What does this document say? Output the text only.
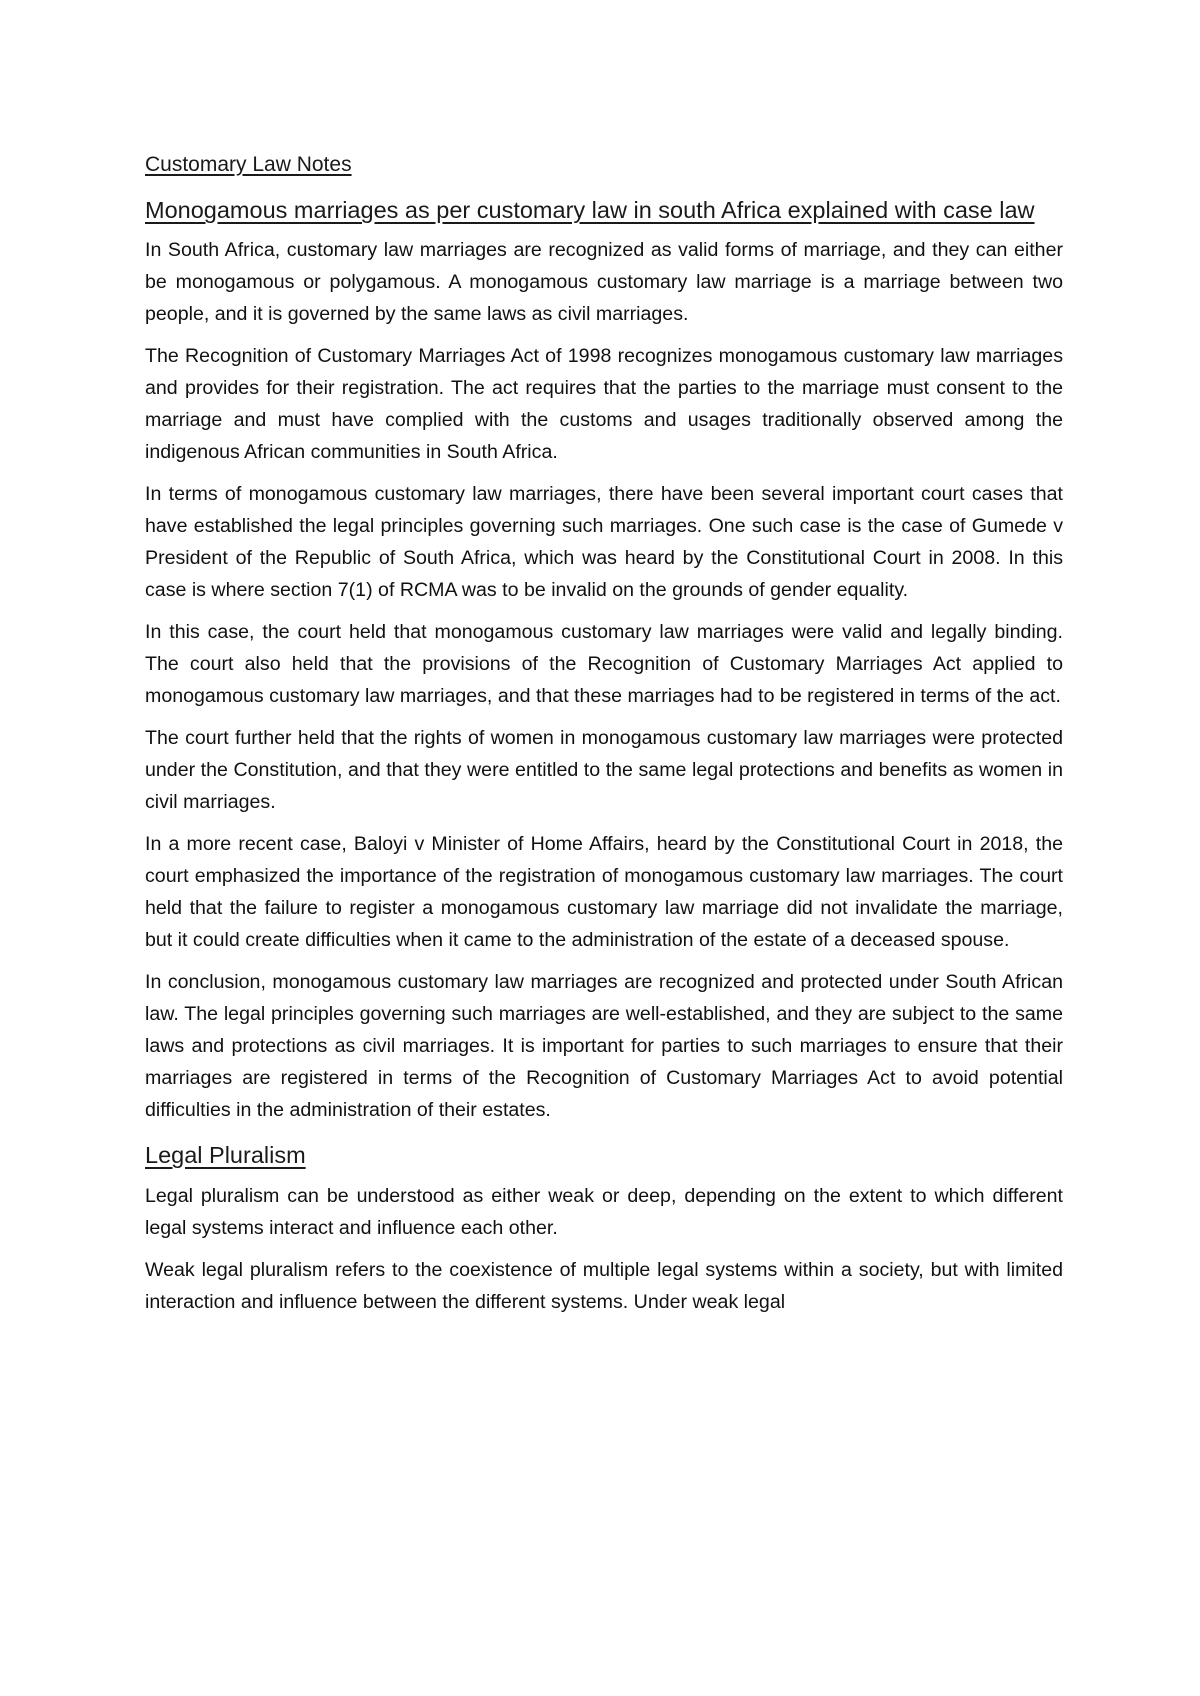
Customary Law Notes
Monogamous marriages as per customary law in south Africa explained with case law

In South Africa, customary law marriages are recognized as valid forms of marriage, and they can either be monogamous or polygamous. A monogamous customary law marriage is a marriage between two people, and it is governed by the same laws as civil marriages.

The Recognition of Customary Marriages Act of 1998 recognizes monogamous customary law marriages and provides for their registration. The act requires that the parties to the marriage must consent to the marriage and must have complied with the customs and usages traditionally observed among the indigenous African communities in South Africa.

In terms of monogamous customary law marriages, there have been several important court cases that have established the legal principles governing such marriages. One such case is the case of Gumede v President of the Republic of South Africa, which was heard by the Constitutional Court in 2008. In this case is where section 7(1) of RCMA was to be invalid on the grounds of gender equality.

In this case, the court held that monogamous customary law marriages were valid and legally binding. The court also held that the provisions of the Recognition of Customary Marriages Act applied to monogamous customary law marriages, and that these marriages had to be registered in terms of the act.

The court further held that the rights of women in monogamous customary law marriages were protected under the Constitution, and that they were entitled to the same legal protections and benefits as women in civil marriages.

In a more recent case, Baloyi v Minister of Home Affairs, heard by the Constitutional Court in 2018, the court emphasized the importance of the registration of monogamous customary law marriages. The court held that the failure to register a monogamous customary law marriage did not invalidate the marriage, but it could create difficulties when it came to the administration of the estate of a deceased spouse.

In conclusion, monogamous customary law marriages are recognized and protected under South African law. The legal principles governing such marriages are well-established, and they are subject to the same laws and protections as civil marriages. It is important for parties to such marriages to ensure that their marriages are registered in terms of the Recognition of Customary Marriages Act to avoid potential difficulties in the administration of their estates.

Legal Pluralism

Legal pluralism can be understood as either weak or deep, depending on the extent to which different legal systems interact and influence each other.

Weak legal pluralism refers to the coexistence of multiple legal systems within a society, but with limited interaction and influence between the different systems. Under weak legal
